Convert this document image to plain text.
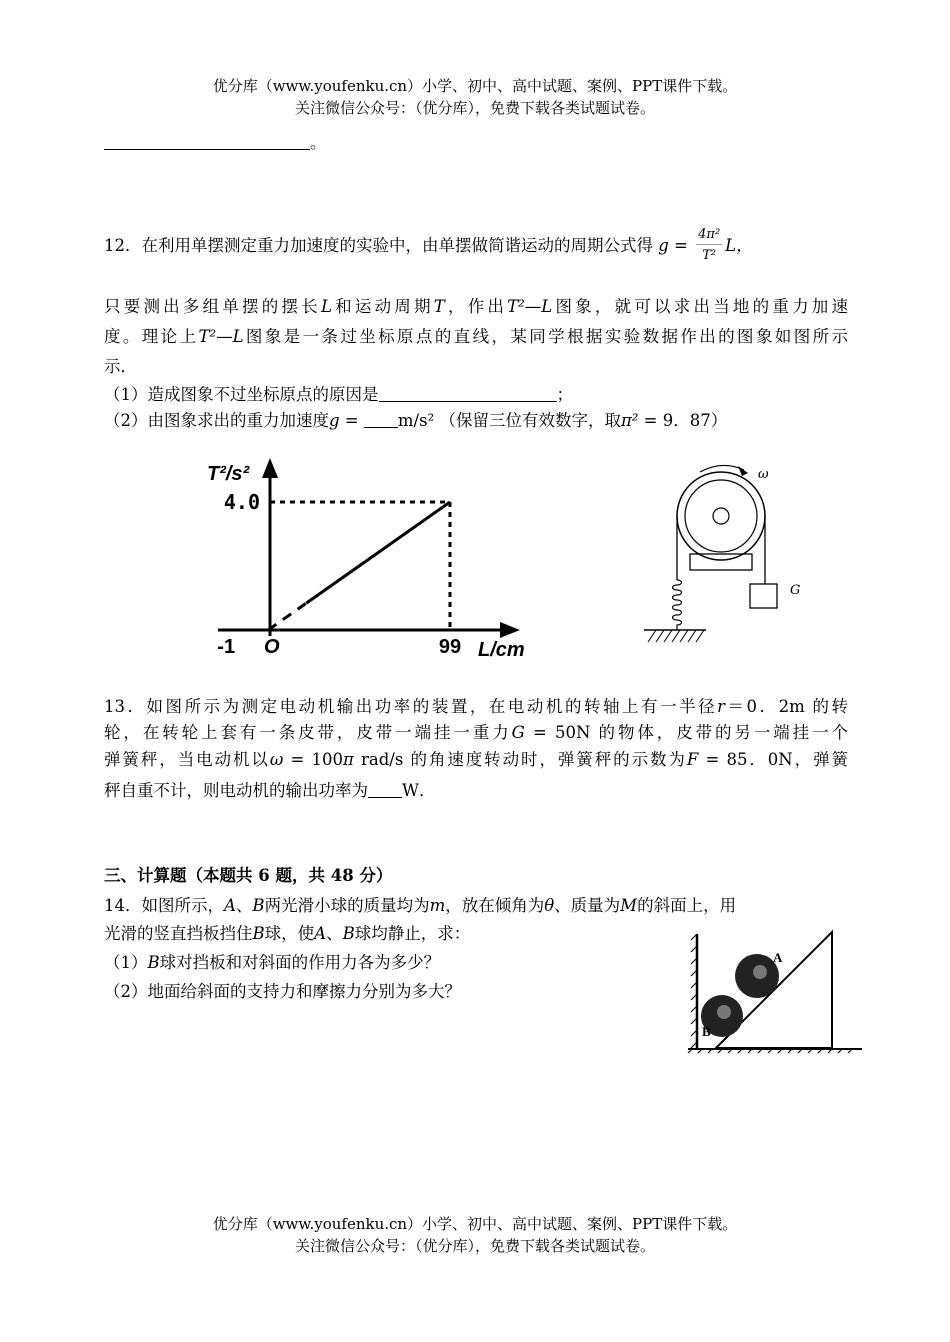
优分库（www.youfenku.cn）小学、初中、高中试题、案例、PPT课件下载。
关注微信公众号：（优分库），免费下载各类试题试卷。
。
12．在利用单摆测定重力加速度的实验中，由单摆做简谐运动的周期公式得 $g = \frac{\text{4π²}}{\text{T²}}$ L，
只要测出多组单摆的摆长L和运动周期T，作出T²—L图象，就可以求出当地的重力加速
度。理论上T²—L图象是一条过坐标原点的直线，某同学根据实验数据作出的图象如图所示
示．
（1）造成图象不过坐标原点的原因是	；
（2）由图象求出的重力加速度g = m/s² （保留三位有效数字，取π² = 9．87）
T²/s²
L/cm
O
4.0
-1	99
ω
G
13．如图所示为测定电动机输出功率的装置，在电动机的转轴上有一半径r＝0．2m 的转
轮，在转轮上套有一条皮带，皮带一端挂一重力G = 50N 的物体，皮带的另一端挂一个
弹簧秤，当电动机以ω = 100π rad/s 的角速度转动时，弹簧秤的示数为F = 85．0N，弹簧
秤自重不计，则电动机的输出功率为 W．
三、计算题（本题共 6 题，共 48 分）
14．如图所示，A、B两光滑小球的质量均为m，放在倾角为θ、质量为M的斜面上，用
光滑的竖直挡板挡住B球，使A、B球均静止，求：
（1）B球对挡板和对斜面的作用力各为多少？
（2）地面给斜面的支持力和摩擦力分别为多大？
A
B
优分库（www.youfenku.cn）小学、初中、高中试题、案例、PPT课件下载。
关注微信公众号：（优分库），免费下载各类试题试卷。
